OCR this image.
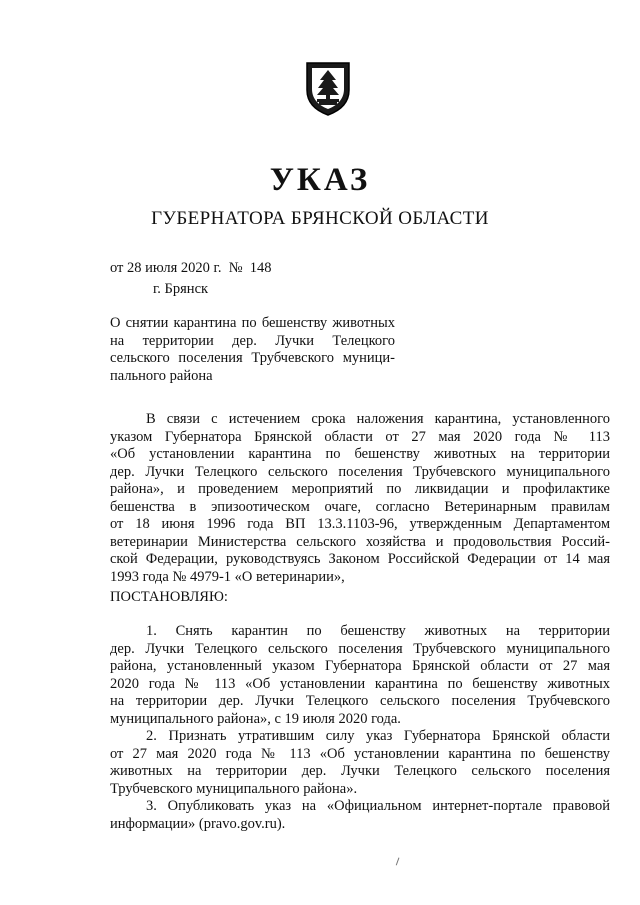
УКАЗ
ГУБЕРНАТОРА БРЯНСКОЙ ОБЛАСТИ
от 28 июля 2020 г.  №  148
г. Брянск
О снятии карантина по бешенству животных
на территории дер. Лучки Телецкого
сельского поселения Трубчевского муници-
пального района
В связи с истечением срока наложения карантина, установленного
указом Губернатора Брянской области от 27 мая 2020 года № 113
«Об установлении карантина по бешенству животных на территории
дер. Лучки Телецкого сельского поселения Трубчевского муниципального
района», и проведением мероприятий по ликвидации и профилактике
бешенства в эпизоотическом очаге, согласно Ветеринарным правилам
от 18 июня 1996 года ВП 13.3.1103-96, утвержденным Департаментом
ветеринарии Министерства сельского хозяйства и продовольствия Россий-
ской Федерации, руководствуясь Законом Российской Федерации от 14 мая
1993 года № 4979-1 «О ветеринарии»,
ПОСТАНОВЛЯЮ:
1. Снять карантин по бешенству животных на территории
дер. Лучки Телецкого сельского поселения Трубчевского муниципального
района, установленный указом Губернатора Брянской области от 27 мая
2020 года № 113 «Об установлении карантина по бешенству животных
на территории дер. Лучки Телецкого сельского поселения Трубчевского
муниципального района», с 19 июля 2020 года.
2. Признать утратившим силу указ Губернатора Брянской области
от 27 мая 2020 года № 113 «Об установлении карантина по бешенству
животных на территории дер. Лучки Телецкого сельского поселения
Трубчевского муниципального района».
3. Опубликовать указ на «Официальном интернет-портале правовой
информации» (pravo.gov.ru).
